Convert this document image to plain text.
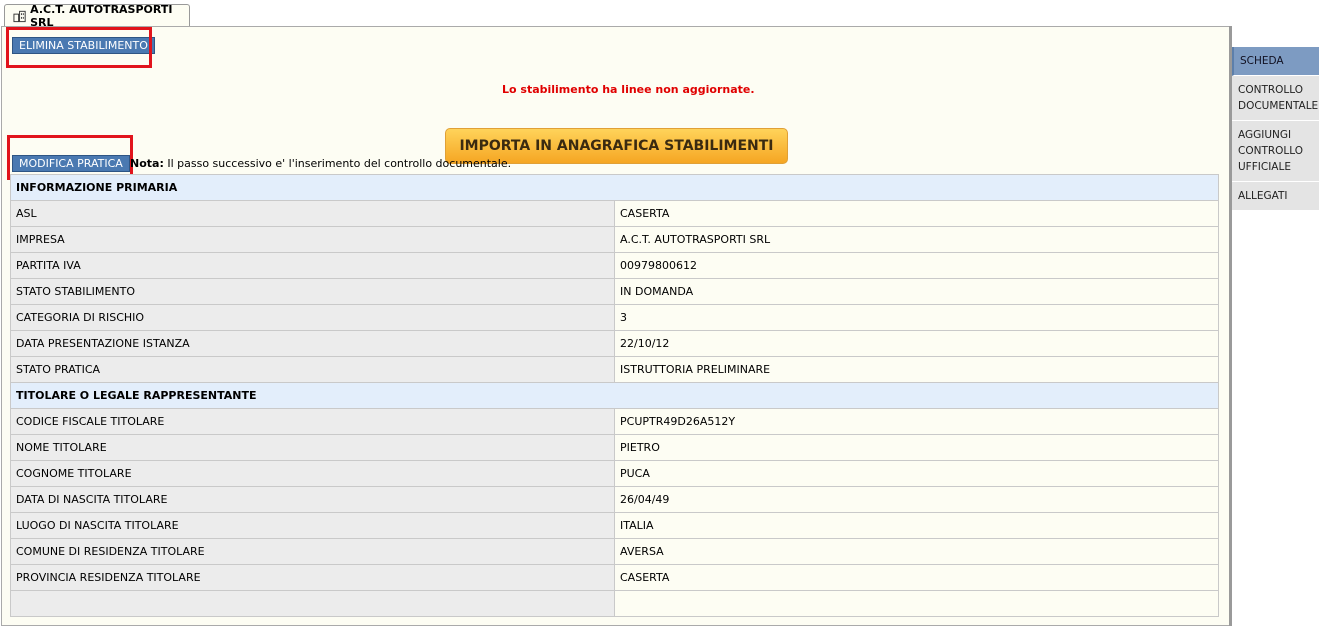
A.C.T. AUTOTRASPORTI SRL
ELIMINA STABILIMENTO
Lo stabilimento ha linee non aggiornate.
IMPORTA IN ANAGRAFICA STABILIMENTI
MODIFICA PRATICA Nota: Il passo successivo e' l'inserimento del controllo documentale.
INFORMAZIONE PRIMARIA	
ASL	CASERTA
IMPRESA	A.C.T. AUTOTRASPORTI SRL
PARTITA IVA	00979800612
STATO STABILIMENTO	IN DOMANDA
CATEGORIA DI RISCHIO	3
DATA PRESENTAZIONE ISTANZA	22/10/12
STATO PRATICA	ISTRUTTORIA PRELIMINARE
TITOLARE O LEGALE RAPPRESENTANTE	
CODICE FISCALE TITOLARE	PCUPTR49D26A512Y
NOME TITOLARE	PIETRO
COGNOME TITOLARE	PUCA
DATA DI NASCITA TITOLARE	26/04/49
LUOGO DI NASCITA TITOLARE	ITALIA
COMUNE DI RESIDENZA TITOLARE	AVERSA
PROVINCIA RESIDENZA TITOLARE	CASERTA

SCHEDA
CONTROLLO DOCUMENTALE
AGGIUNGI CONTROLLO UFFICIALE
ALLEGATI
